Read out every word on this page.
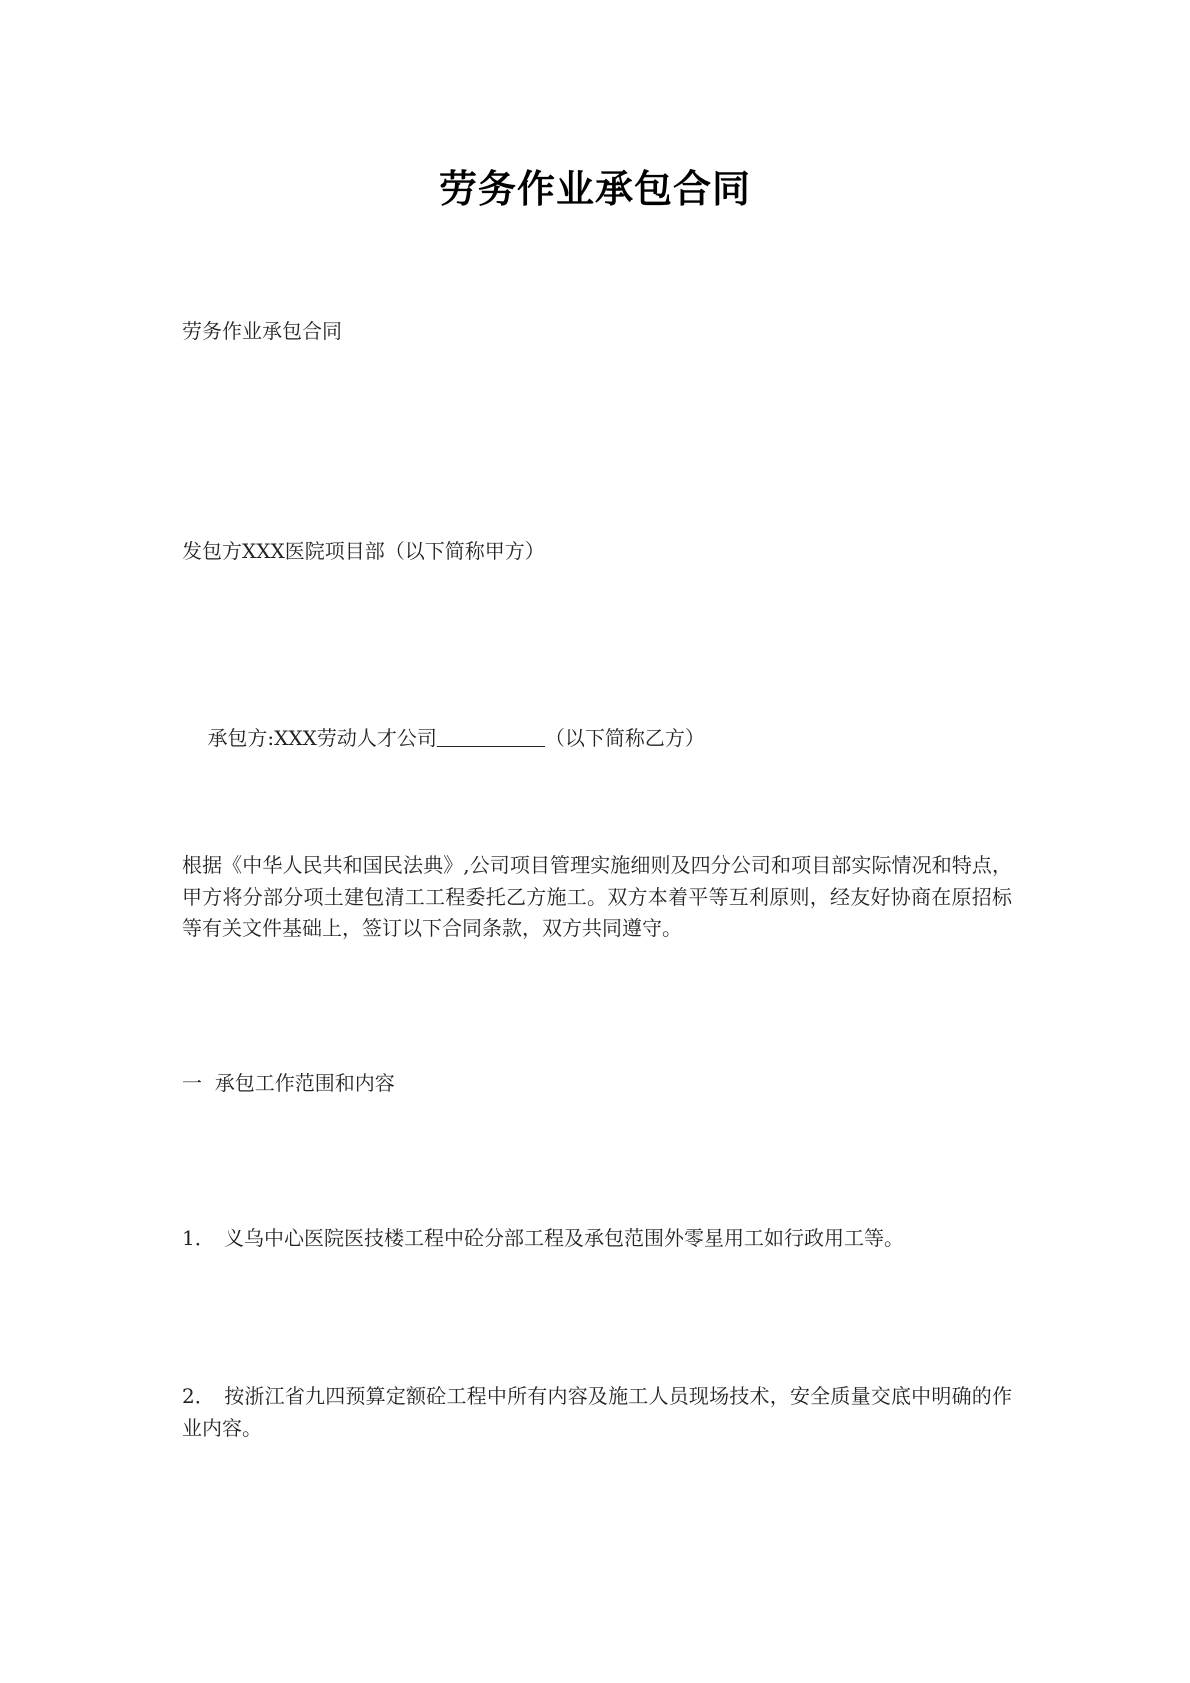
劳务作业承包合同
劳务作业承包合同
发包方XXX医院项目部（以下简称甲方）

承包方:XXX劳动人才公司	（以下简称乙方）

根据《中华人民共和国民法典》,公司项目管理实施细则及四分公司和项目部实际情况和特点，甲方将分部分项土建包清工工程委托乙方施工。双方本着平等互利原则，经友好协商在原招标等有关文件基础上，签订以下合同条款，双方共同遵守。
一  承包工作范围和内容
1． 义乌中心医院医技楼工程中砼分部工程及承包范围外零星用工如行政用工等。
2． 按浙江省九四预算定额砼工程中所有内容及施工人员现场技术，安全质量交底中明确的作业内容。
